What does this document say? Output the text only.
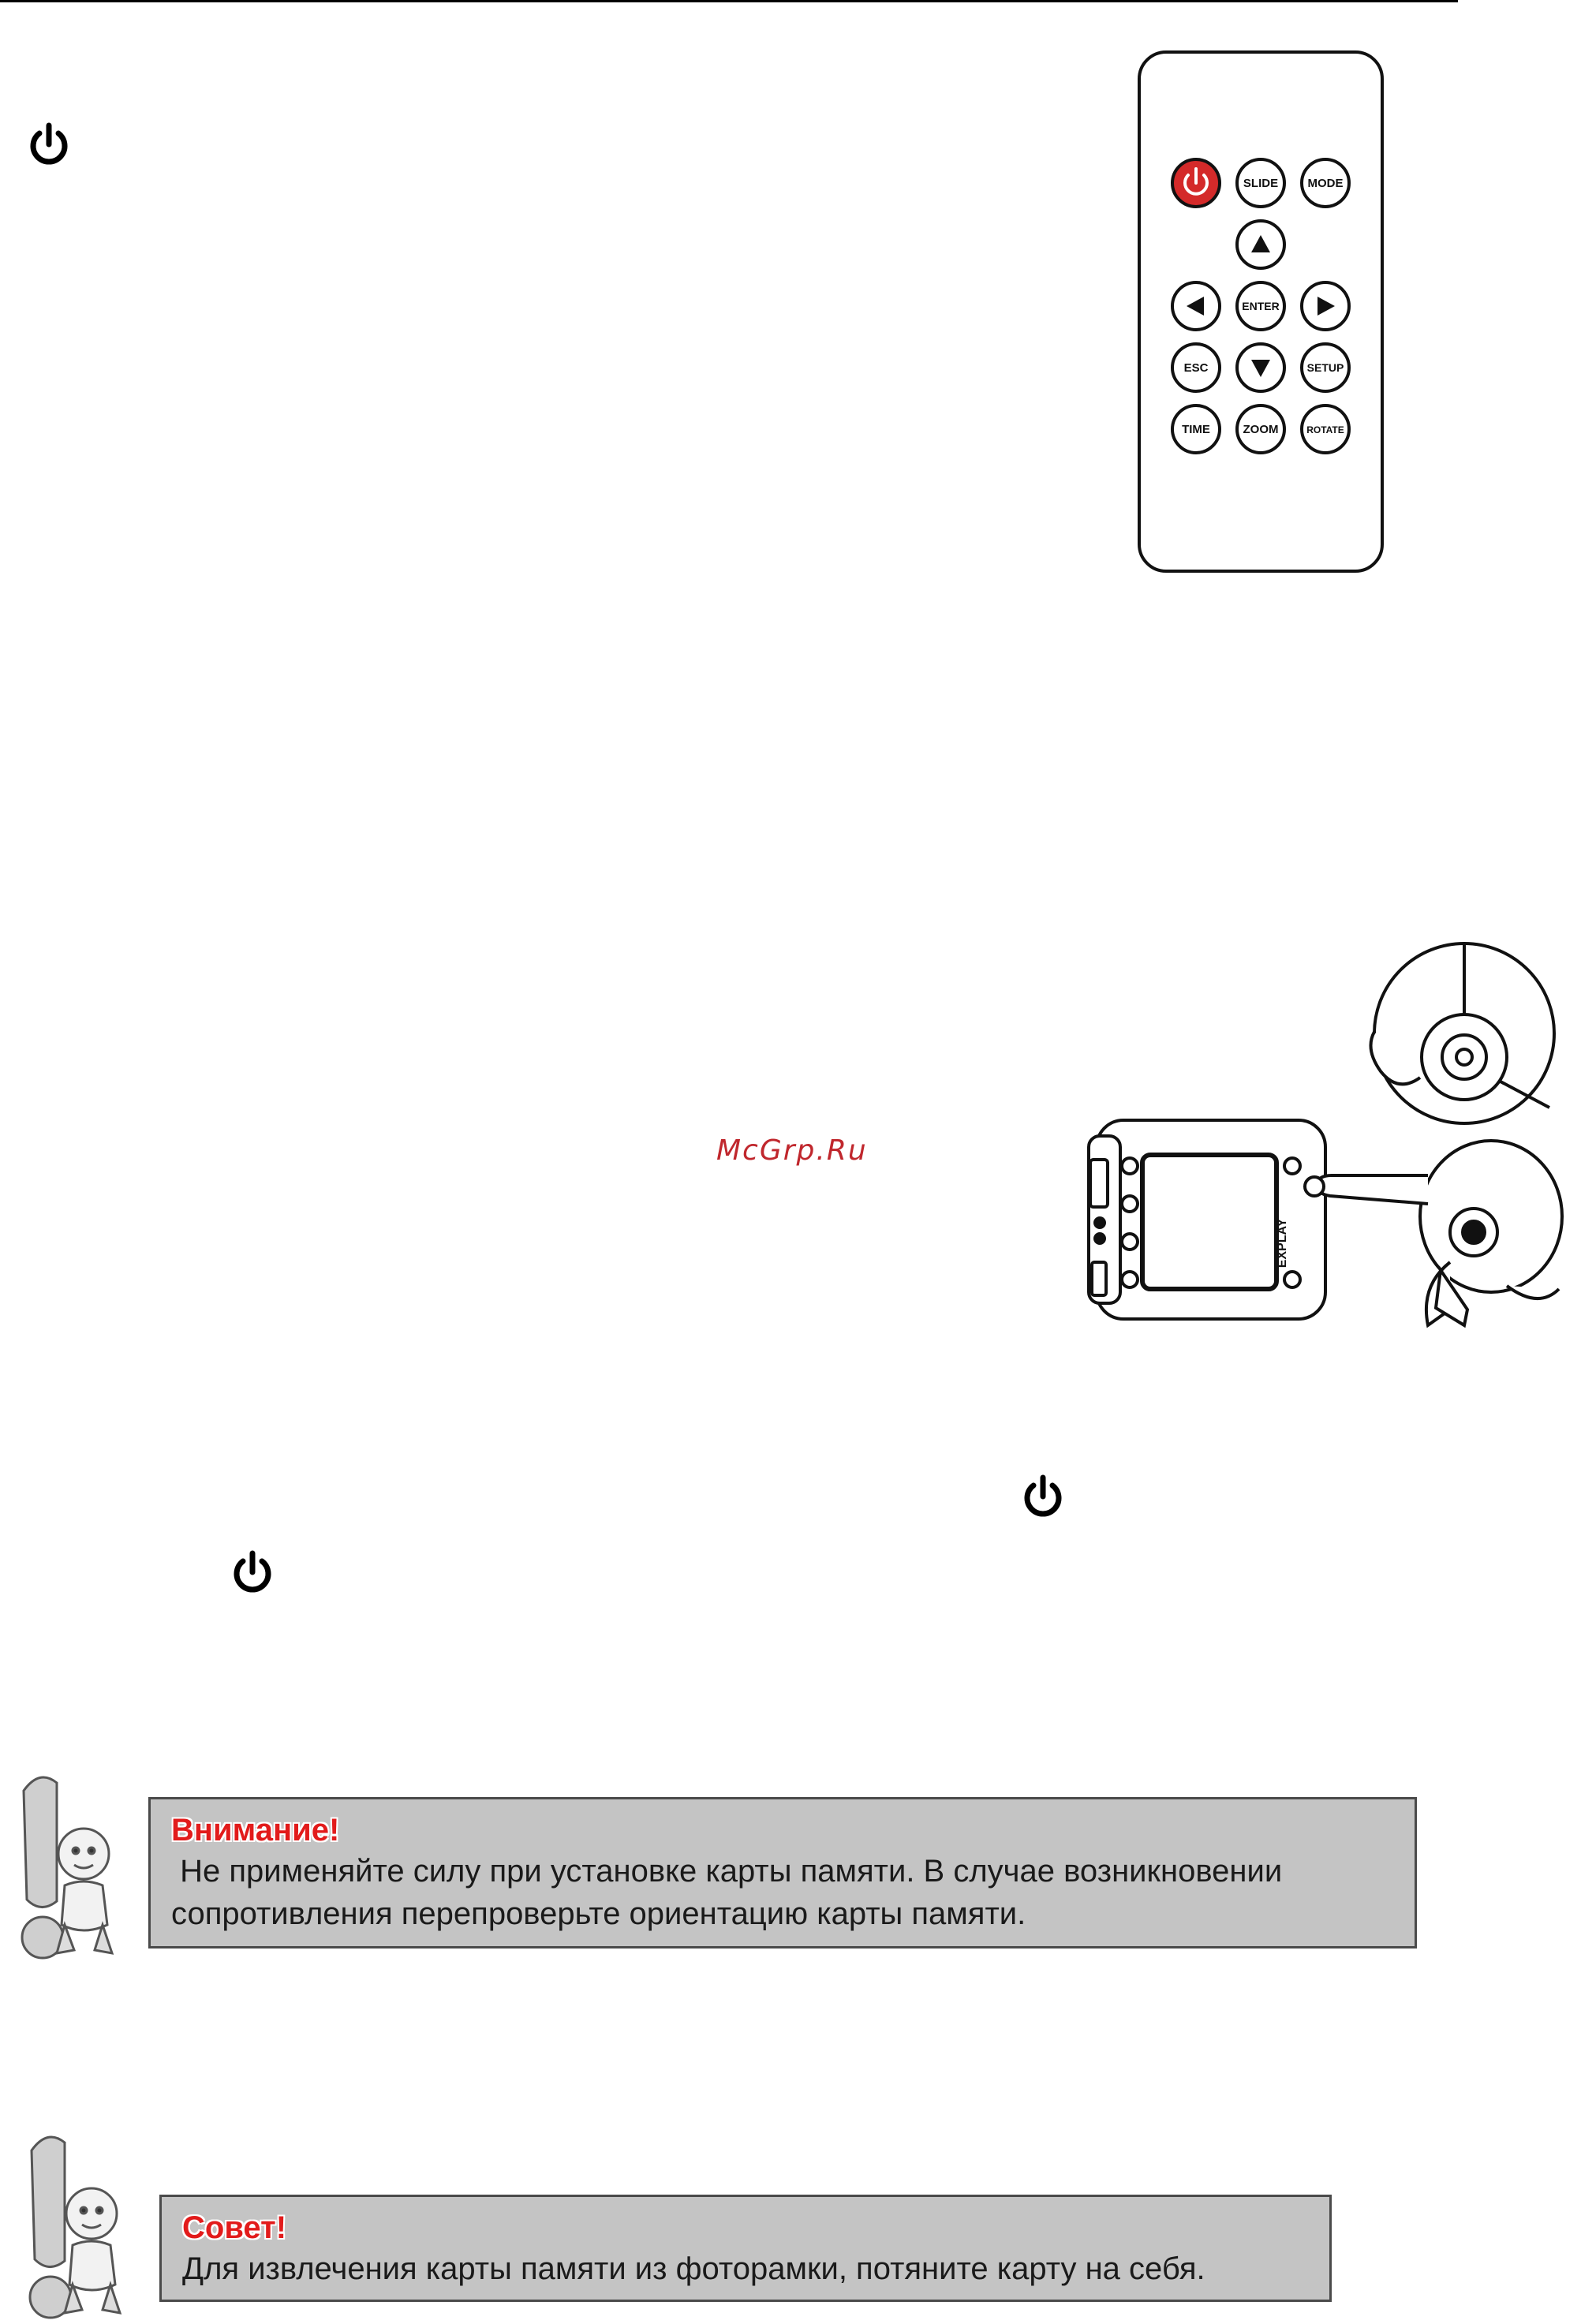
SLIDE MODE
ENTER
ESC	SETUP
TIME	ZOOM	ROTATE
McGrp.Ru
EXPLAY
Внимание!
Не применяйте силу при установке карты памяти. В случае возникновении
сопротивления перепроверьте ориентацию карты памяти.
Совет!
Для извлечения карты памяти из фоторамки, потяните карту на себя.
